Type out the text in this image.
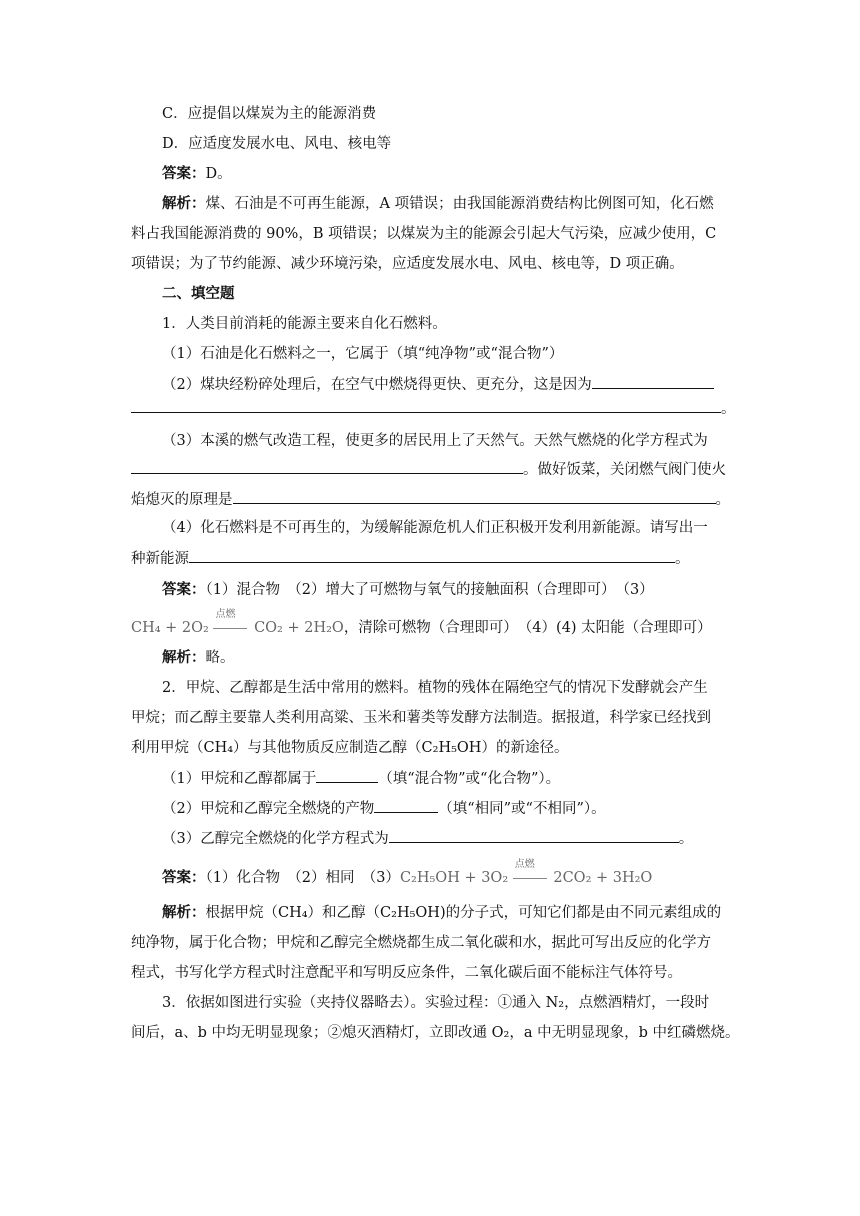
C．应提倡以煤炭为主的能源消费
D．应适度发展水电、风电、核电等
答案：D。
解析：煤、石油是不可再生能源，A 项错误；由我国能源消费结构比例图可知，化石燃
料占我国能源消费的 90%，B 项错误；以煤炭为主的能源会引起大气污染，应减少使用，C
项错误；为了节约能源、减少环境污染，应适度发展水电、风电、核电等，D 项正确。
二、填空题
1．人类目前消耗的能源主要来自化石燃料。
（1）石油是化石燃料之一，它属于（填“纯净物”或“混合物”）
（2）煤块经粉碎处理后，在空气中燃烧得更快、更充分，这是因为
。
（3）本溪的燃气改造工程，使更多的居民用上了天然气。天然气燃烧的化学方程式为
。做好饭菜，关闭燃气阀门使火
焰熄灭的原理是	。
（4）化石燃料是不可再生的，为缓解能源危机人们正积极开发利用新能源。请写出一
种新能源	。
答案：（1）混合物　（2）增大了可燃物与氧气的接触面积（合理即可）　（3）
CH₄ + 2O₂
点燃
CO₂ + 2H₂O，清除可燃物（合理即可）　（4）(4) 太阳能（合理即可）
解析：略。
2．甲烷、乙醇都是生活中常用的燃料。植物的残体在隔绝空气的情况下发酵就会产生
甲烷；而乙醇主要靠人类利用高粱、玉米和薯类等发酵方法制造。据报道，科学家已经找到
利用甲烷（CH₄）与其他物质反应制造乙醇（C₂H₅OH）的新途径。
（1）甲烷和乙醇都属于	（填“混合物”或“化合物”）。
（2）甲烷和乙醇完全燃烧的产物	（填“相同”或“不相同”）。
（3）乙醇完全燃烧的化学方程式为	。
答案：（1）化合物　（2）相同　（3）C₂H₅OH + 3O₂
点燃
2CO₂ + 3H₂O
解析：根据甲烷（CH₄）和乙醇（C₂H₅OH)的分子式，可知它们都是由不同元素组成的
纯净物，属于化合物；甲烷和乙醇完全燃烧都生成二氧化碳和水，据此可写出反应的化学方
程式，书写化学方程式时注意配平和写明反应条件，二氧化碳后面不能标注气体符号。
3．依据如图进行实验（夹持仪器略去）。实验过程：①通入 N₂，点燃酒精灯，一段时
间后，a、b 中均无明显现象；②熄灭酒精灯，立即改通 O₂，a 中无明显现象，b 中红磷燃烧。
